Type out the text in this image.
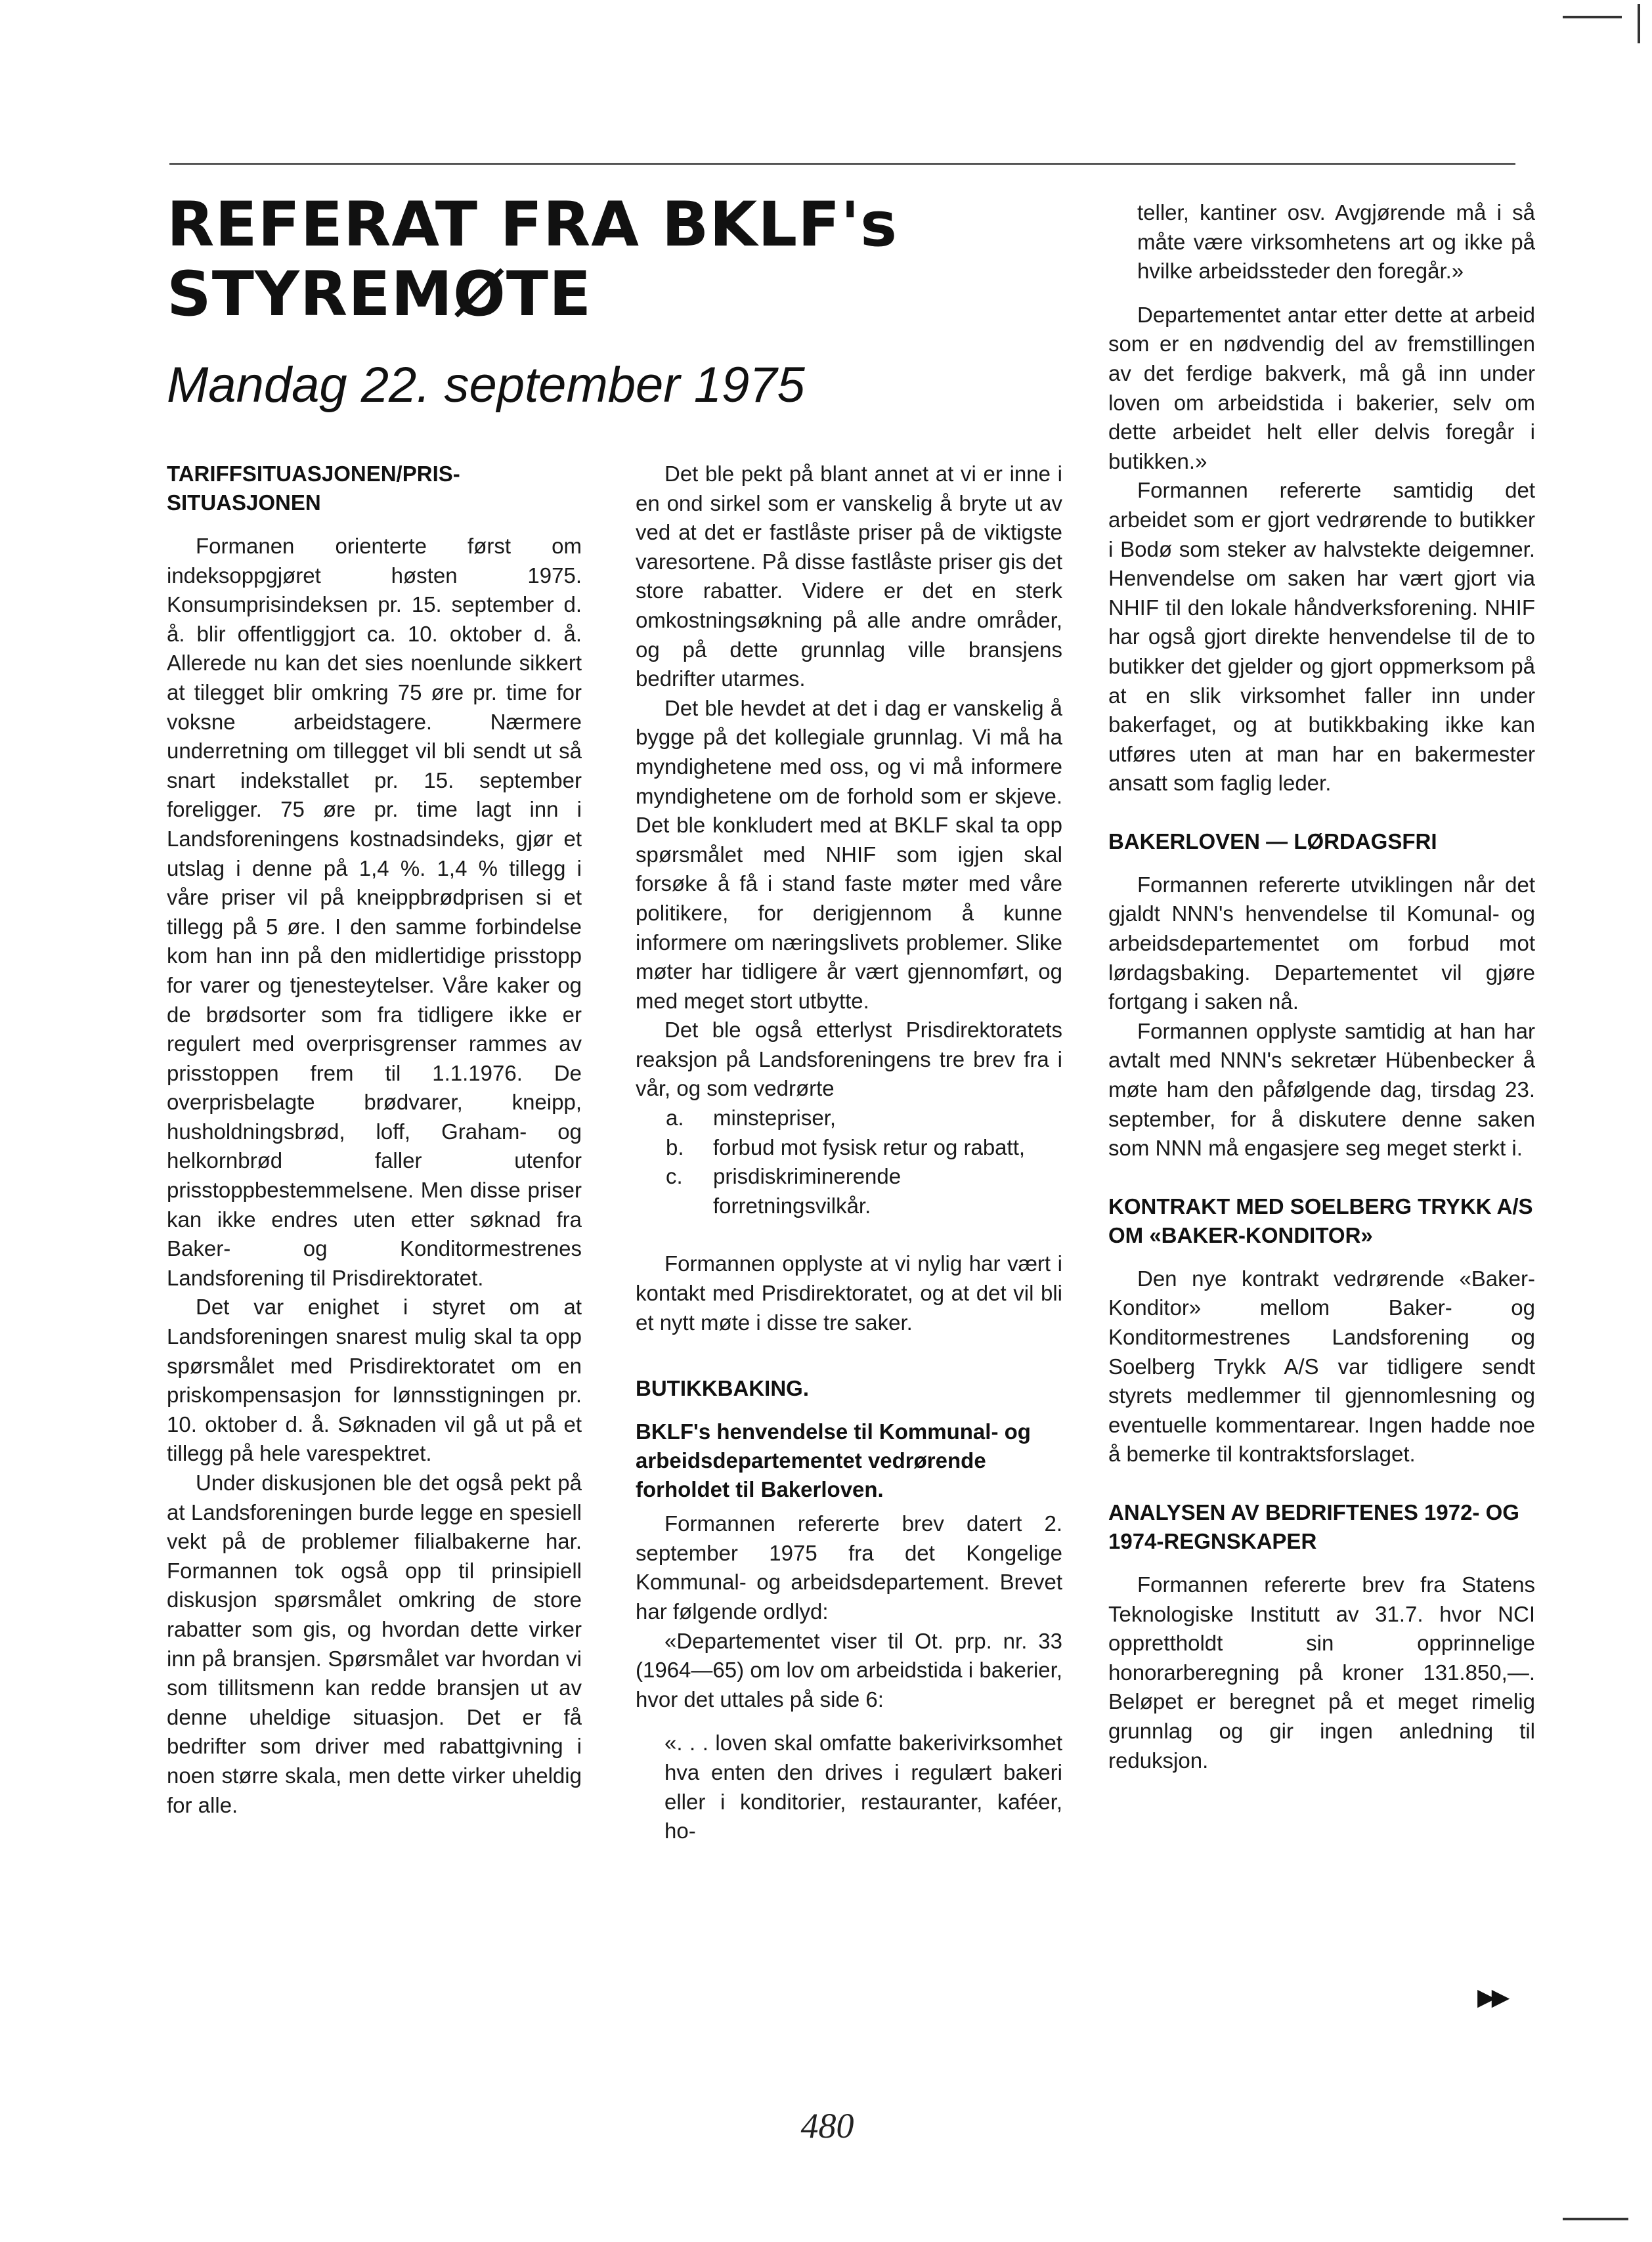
REFERAT FRA BKLF's
STYREMØTE
Mandag 22. september 1975
TARIFFSITUASJONEN/PRIS-SITUASJONEN

Formanen orienterte først om indeksoppgjøret høsten 1975. Konsumprisindeksen pr. 15. september d. å. blir offentliggjort ca. 10. oktober d. å. Allerede nu kan det sies noenlunde sikkert at tilegget blir omkring 75 øre pr. time for voksne arbeidstagere. Nærmere underretning om tillegget vil bli sendt ut så snart indekstallet pr. 15. september foreligger. 75 øre pr. time lagt inn i Landsforeningens kostnadsindeks, gjør et utslag i denne på 1,4 %. 1,4 % tillegg i våre priser vil på kneippbrødprisen si et tillegg på 5 øre. I den samme forbindelse kom han inn på den midlertidige prisstopp for varer og tjenesteytelser. Våre kaker og de brødsorter som fra tidligere ikke er regulert med overprisgrenser rammes av prisstoppen frem til 1.1.1976. De overprisbelagte brødvarer, kneipp, husholdningsbrød, loff, Graham- og helkornbrød faller utenfor prisstoppbestemmelsene. Men disse priser kan ikke endres uten etter søknad fra Baker- og Konditormestrenes Landsforening til Prisdirektoratet.

Det var enighet i styret om at Landsforeningen snarest mulig skal ta opp spørsmålet med Prisdirektoratet om en priskompensasjon for lønnsstigningen pr. 10. oktober d. å. Søknaden vil gå ut på et tillegg på hele varespektret.

Under diskusjonen ble det også pekt på at Landsforeningen burde legge en spesiell vekt på de problemer filialbakerne har. Formannen tok også opp til prinsipiell diskusjon spørsmålet omkring de store rabatter som gis, og hvordan dette virker inn på bransjen. Spørsmålet var hvordan vi som tillitsmenn kan redde bransjen ut av denne uheldige situasjon. Det er få bedrifter som driver med rabattgivning i noen større skala, men dette virker uheldig for alle.

Det ble pekt på blant annet at vi er inne i en ond sirkel som er vanskelig å bryte ut av ved at det er fastlåste priser på de viktigste varesortene. På disse fastlåste priser gis det store rabatter. Videre er det en sterk omkostningsøkning på alle andre områder, og på dette grunnlag ville bransjens bedrifter utarmes.

Det ble hevdet at det i dag er vanskelig å bygge på det kollegiale grunnlag. Vi må ha myndighetene med oss, og vi må informere myndighetene om de forhold som er skjeve. Det ble konkludert med at BKLF skal ta opp spørsmålet med NHIF som igjen skal forsøke å få i stand faste møter med våre politikere, for derigjennom å kunne informere om næringslivets problemer. Slike møter har tidligere år vært gjennomført, og med meget stort utbytte.

Det ble også etterlyst Prisdirektoratets reaksjon på Landsforeningens tre brev fra i vår, og som vedrørte

a.	minstepriser,
b.	forbud mot fysisk retur og rabatt,
c.	prisdiskriminerende forretningsvilkår.

Formannen opplyste at vi nylig har vært i kontakt med Prisdirektoratet, og at det vil bli et nytt møte i disse tre saker.

BUTIKKBAKING.
BKLF's henvendelse til Kommunal- og arbeidsdepartementet vedrørende forholdet til Bakerloven.

Formannen refererte brev datert 2. september 1975 fra det Kongelige Kommunal- og arbeidsdepartement. Brevet har følgende ordlyd:

«Departementet viser til Ot. prp. nr. 33 (1964—65) om lov om arbeidstida i bakerier, hvor det uttales på side 6:

«. . . loven skal omfatte bakerivirksomhet hva enten den drives i regulært bakeri eller i konditorier, restauranter, kaféer, ho-

teller, kantiner osv. Avgjørende må i så måte være virksomhetens art og ikke på hvilke arbeidssteder den foregår.»

Departementet antar etter dette at arbeid som er en nødvendig del av fremstillingen av det ferdige bakverk, må gå inn under loven om arbeidstida i bakerier, selv om dette arbeidet helt eller delvis foregår i butikken.»

Formannen refererte samtidig det arbeidet som er gjort vedrørende to butikker i Bodø som steker av halvstekte deigemner. Henvendelse om saken har vært gjort via NHIF til den lokale håndverksforening. NHIF har også gjort direkte henvendelse til de to butikker det gjelder og gjort oppmerksom på at en slik virksomhet faller inn under bakerfaget, og at butikkbaking ikke kan utføres uten at man har en bakermester ansatt som faglig leder.

BAKERLOVEN — LØRDAGSFRI

Formannen refererte utviklingen når det gjaldt NNN's henvendelse til Komunal- og arbeidsdepartementet om forbud mot lørdagsbaking. Departementet vil gjøre fortgang i saken nå.

Formannen opplyste samtidig at han har avtalt med NNN's sekretær Hübenbecker å møte ham den påfølgende dag, tirsdag 23. september, for å diskutere denne saken som NNN må engasjere seg meget sterkt i.

KONTRAKT MED SOELBERG TRYKK A/S OM «BAKER-KONDITOR»

Den nye kontrakt vedrørende «Baker-Konditor» mellom Baker- og Konditormestrenes Landsforening og Soelberg Trykk A/S var tidligere sendt styrets medlemmer til gjennomlesning og eventuelle kommentarear. Ingen hadde noe å bemerke til kontraktsforslaget.

ANALYSEN AV BEDRIFTENES 1972- OG 1974-REGNSKAPER

Formannen refererte brev fra Statens Teknologiske Institutt av 31.7. hvor NCI opprettholdt sin opprinnelige honorarberegning på kroner 131.850,—. Beløpet er beregnet på et meget rimelig grunnlag og gir ingen anledning til reduksjon.

▶▶
480
